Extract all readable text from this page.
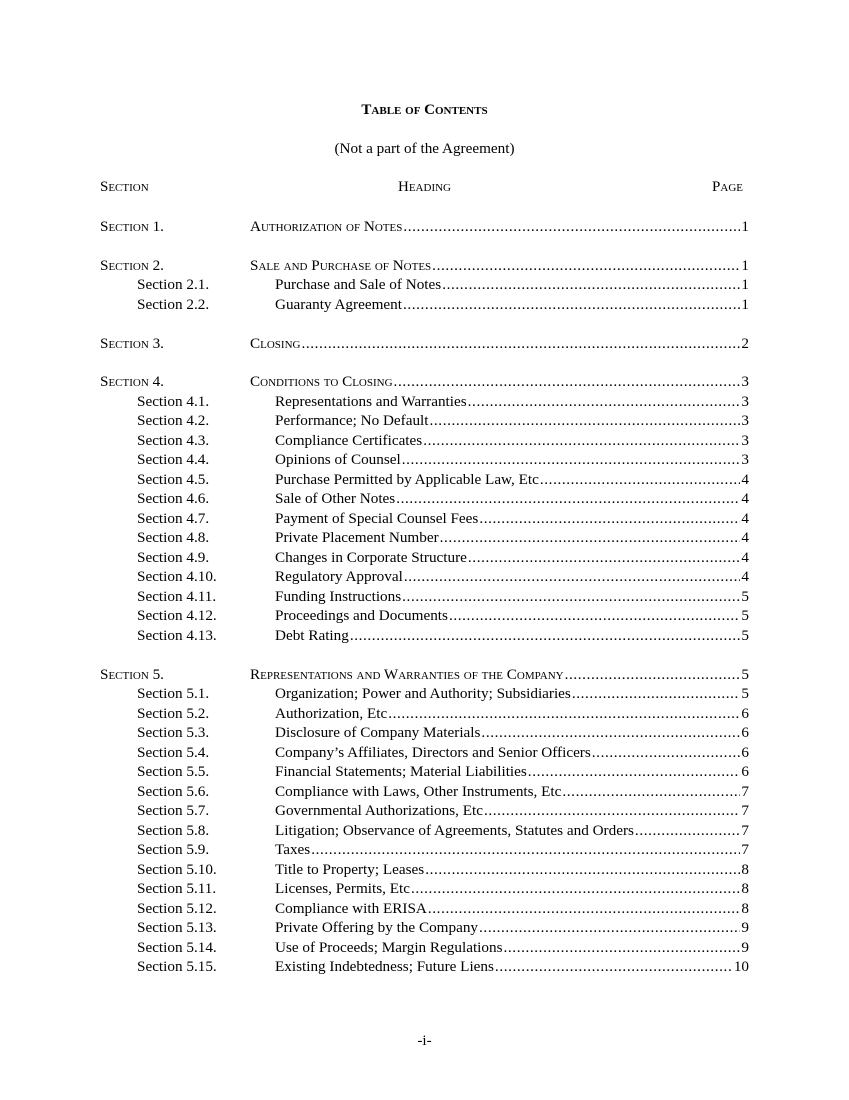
Table of Contents
(Not a part of the Agreement)
Section	Heading	Page
Section 1.	Authorization of Notes .....	1
Section 2.	Sale and Purchase of Notes .....	1
Section 2.1.	Purchase and Sale of Notes .....	1
Section 2.2.	Guaranty Agreement .....	1
Section 3.	Closing .....	2
Section 4.	Conditions to Closing .....	3
Section 4.1.	Representations and Warranties .....	3
Section 4.2.	Performance; No Default .....	3
Section 4.3.	Compliance Certificates .....	3
Section 4.4.	Opinions of Counsel .....	3
Section 4.5.	Purchase Permitted by Applicable Law, Etc .....	4
Section 4.6.	Sale of Other Notes .....	4
Section 4.7.	Payment of Special Counsel Fees .....	4
Section 4.8.	Private Placement Number .....	4
Section 4.9.	Changes in Corporate Structure .....	4
Section 4.10.	Regulatory Approval .....	4
Section 4.11.	Funding Instructions .....	5
Section 4.12.	Proceedings and Documents .....	5
Section 4.13.	Debt Rating .....	5
Section 5.	Representations and Warranties of the Company .....	5
Section 5.1.	Organization; Power and Authority; Subsidiaries .....	5
Section 5.2.	Authorization, Etc .....	6
Section 5.3.	Disclosure of Company Materials .....	6
Section 5.4.	Company’s Affiliates, Directors and Senior Officers .....	6
Section 5.5.	Financial Statements; Material Liabilities .....	6
Section 5.6.	Compliance with Laws, Other Instruments, Etc .....	7
Section 5.7.	Governmental Authorizations, Etc .....	7
Section 5.8.	Litigation; Observance of Agreements, Statutes and Orders .....	7
Section 5.9.	Taxes .....	7
Section 5.10.	Title to Property; Leases .....	8
Section 5.11.	Licenses, Permits, Etc .....	8
Section 5.12.	Compliance with ERISA .....	8
Section 5.13.	Private Offering by the Company .....	9
Section 5.14.	Use of Proceeds; Margin Regulations .....	9
Section 5.15.	Existing Indebtedness; Future Liens .....	10
-i-
